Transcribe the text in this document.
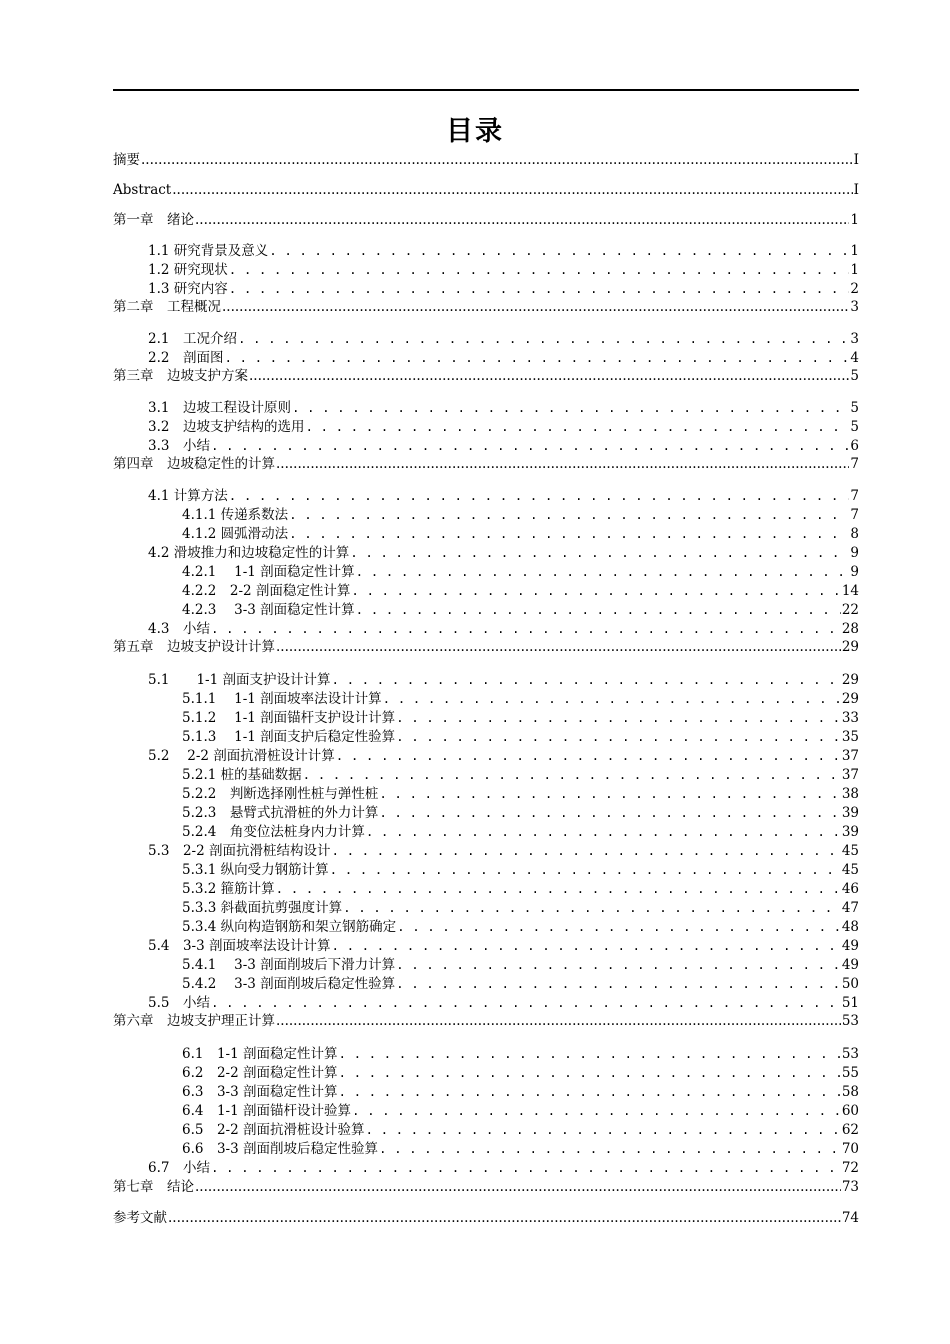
目录
摘要 .....	I
Abstract .....	I
第一章　绪论 .....	1
1.1 研究背景及意义 . . .	1
1.2 研究现状 . . .	1
1.3 研究内容 . . .	2
第二章　工程概况 .....	3
2.1　工况介绍 . . .	3
2.2　剖面图 . . .	4
第三章　边坡支护方案 .....	5
3.1　边坡工程设计原则 . . .	5
3.2　边坡支护结构的选用 . . .	5
3.3　小结 . . .	6
第四章　边坡稳定性的计算 .....	7
4.1 计算方法 . . .	7
4.1.1 传递系数法 . . .	7
4.1.2 圆弧滑动法 . . .	8
4.2 滑坡推力和边坡稳定性的计算 . . .	9
4.2.1　 1-1 剖面稳定性计算 . . .	9
4.2.2　2-2 剖面稳定性计算 . . .	14
4.2.3　 3-3 剖面稳定性计算 . . .	22
4.3　小结 . . .	28
第五章　边坡支护设计计算 .....	29
5.1　　1-1 剖面支护设计计算 . . .	29
5.1.1　 1-1 剖面坡率法设计计算 . . .	29
5.1.2　 1-1 剖面锚杆支护设计计算 . . .	33
5.1.3　 1-1 剖面支护后稳定性验算 . . .	35
5.2　 2-2 剖面抗滑桩设计计算 . . .	37
5.2.1 桩的基础数据 . . .	37
5.2.2　判断选择刚性桩与弹性桩 . . .	38
5.2.3　悬臂式抗滑桩的外力计算 . . .	39
5.2.4　角变位法桩身内力计算 . . .	39
5.3　2-2 剖面抗滑桩结构设计 . . .	45
5.3.1 纵向受力钢筋计算 . . .	45
5.3.2 箍筋计算 . . .	46
5.3.3 斜截面抗剪强度计算 . . .	47
5.3.4 纵向构造钢筋和架立钢筋确定 . . .	48
5.4　3-3 剖面坡率法设计计算 . . .	49
5.4.1　 3-3 剖面削坡后下滑力计算 . . .	49
5.4.2　 3-3 剖面削坡后稳定性验算 . . .	50
5.5　小结 . . .	51
第六章　边坡支护理正计算 .....	53
6.1　1-1 剖面稳定性计算 . . .	53
6.2　2-2 剖面稳定性计算 . . .	55
6.3　3-3 剖面稳定性计算 . . .	58
6.4　1-1 剖面锚杆设计验算 . . .	60
6.5　2-2 剖面抗滑桩设计验算 . . .	62
6.6　3-3 剖面削坡后稳定性验算 . . .	70
6.7　小结 . . .	72
第七章　结论 .....	73
参考文献 .....	74
